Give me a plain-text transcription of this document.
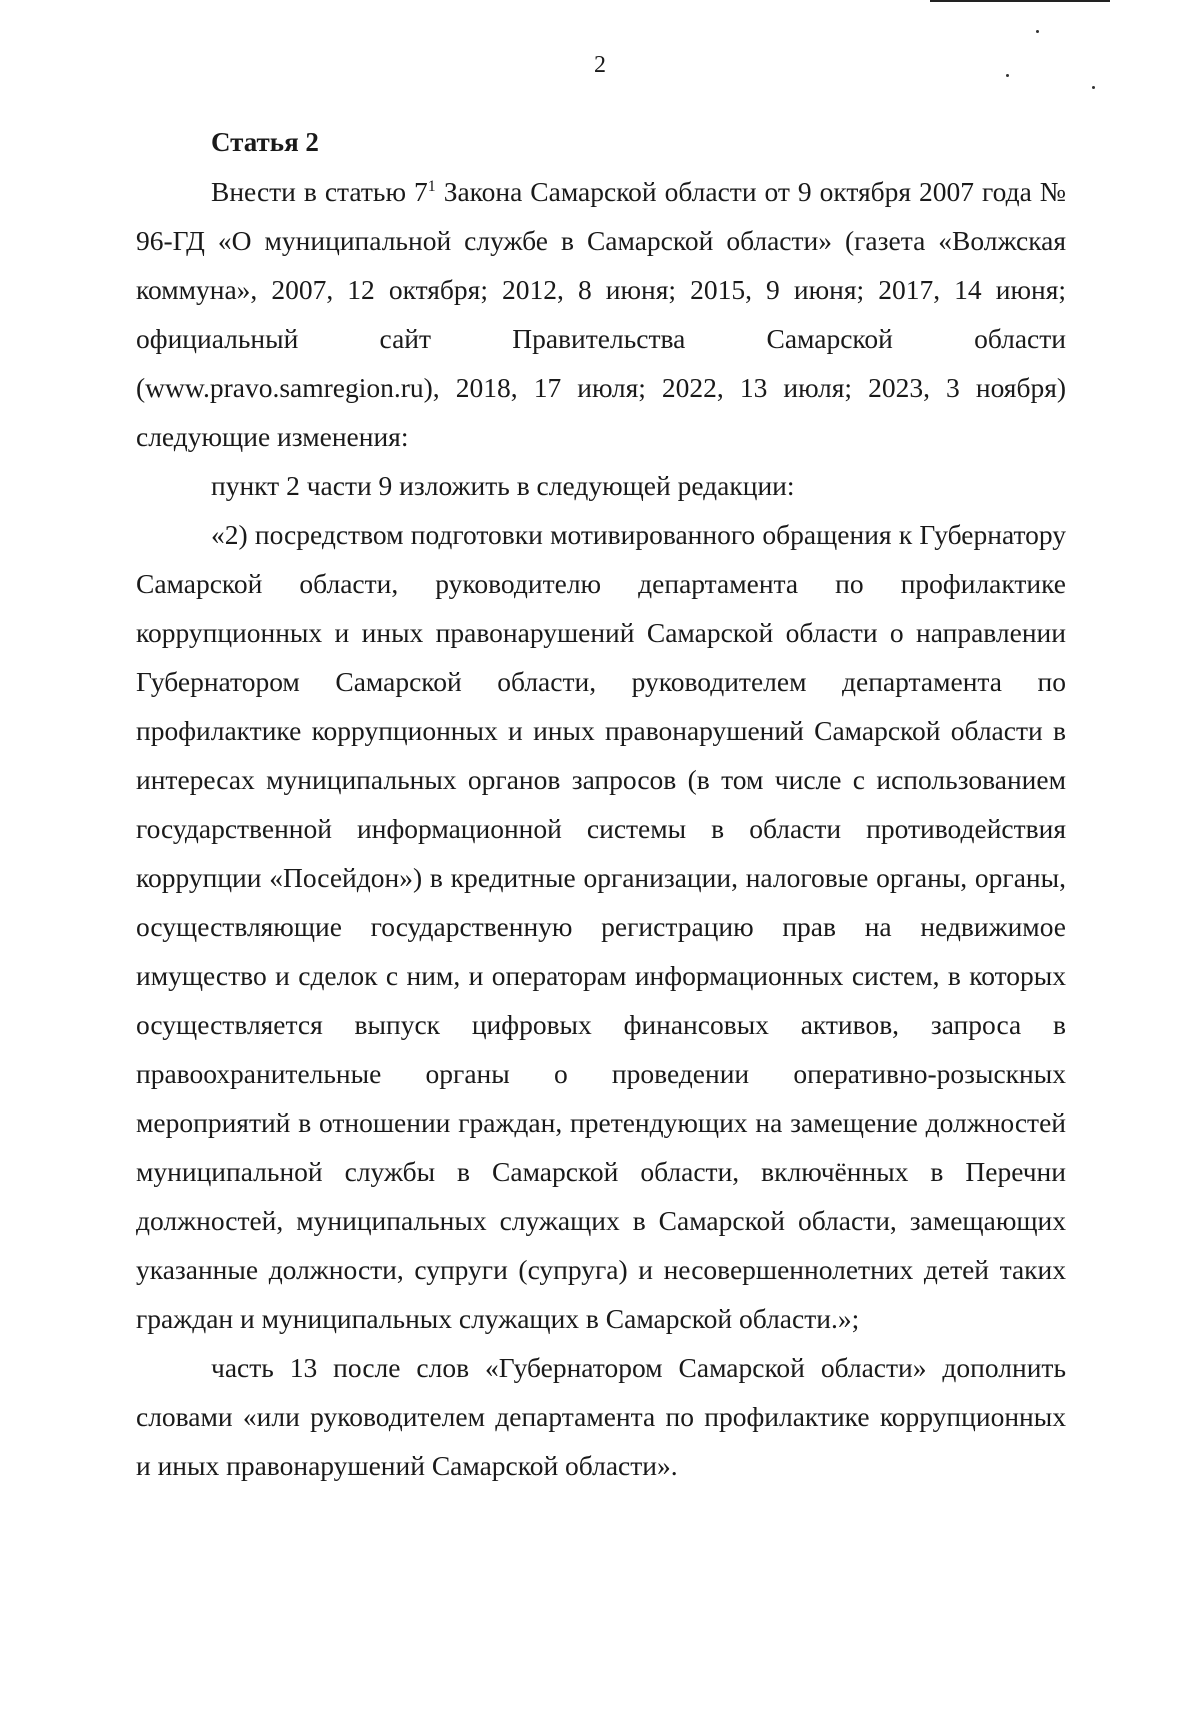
2

Статья 2

Внести в статью $7^1$ Закона Самарской области от 9 октября 2007 года № 96-ГД «О муниципальной службе в Самарской области» (газета «Волжская коммуна», 2007, 12 октября; 2012, 8 июня; 2015, 9 июня; 2017, 14 июня; официальный сайт Правительства Самарской области (www.pravo.samregion.ru), 2018, 17 июля; 2022, 13 июля; 2023, 3 ноября) следующие изменения:

пункт 2 части 9 изложить в следующей редакции:

«2) посредством подготовки мотивированного обращения к Губернатору Самарской области, руководителю департамента по профилактике коррупционных и иных правонарушений Самарской области о направлении Губернатором Самарской области, руководителем департамента по профилактике коррупционных и иных правонарушений Самарской области в интересах муниципальных органов запросов (в том числе с использованием государственной информационной системы в области противодействия коррупции «Посейдон») в кредитные организации, налоговые органы, органы, осуществляющие государственную регистрацию прав на недвижимое имущество и сделок с ним, и операторам информационных систем, в которых осуществляется выпуск цифровых финансовых активов, запроса в правоохранительные органы о проведении оперативно-розыскных мероприятий в отношении граждан, претендующих на замещение должностей муниципальной службы в Самарской области, включённых в Перечни должностей, муниципальных служащих в Самарской области, замещающих указанные должности, супруги (супруга) и несовершеннолетних детей таких граждан и муниципальных служащих в Самарской области.»;

часть 13 после слов «Губернатором Самарской области» дополнить словами «или руководителем департамента по профилактике коррупционных и иных правонарушений Самарской области».
